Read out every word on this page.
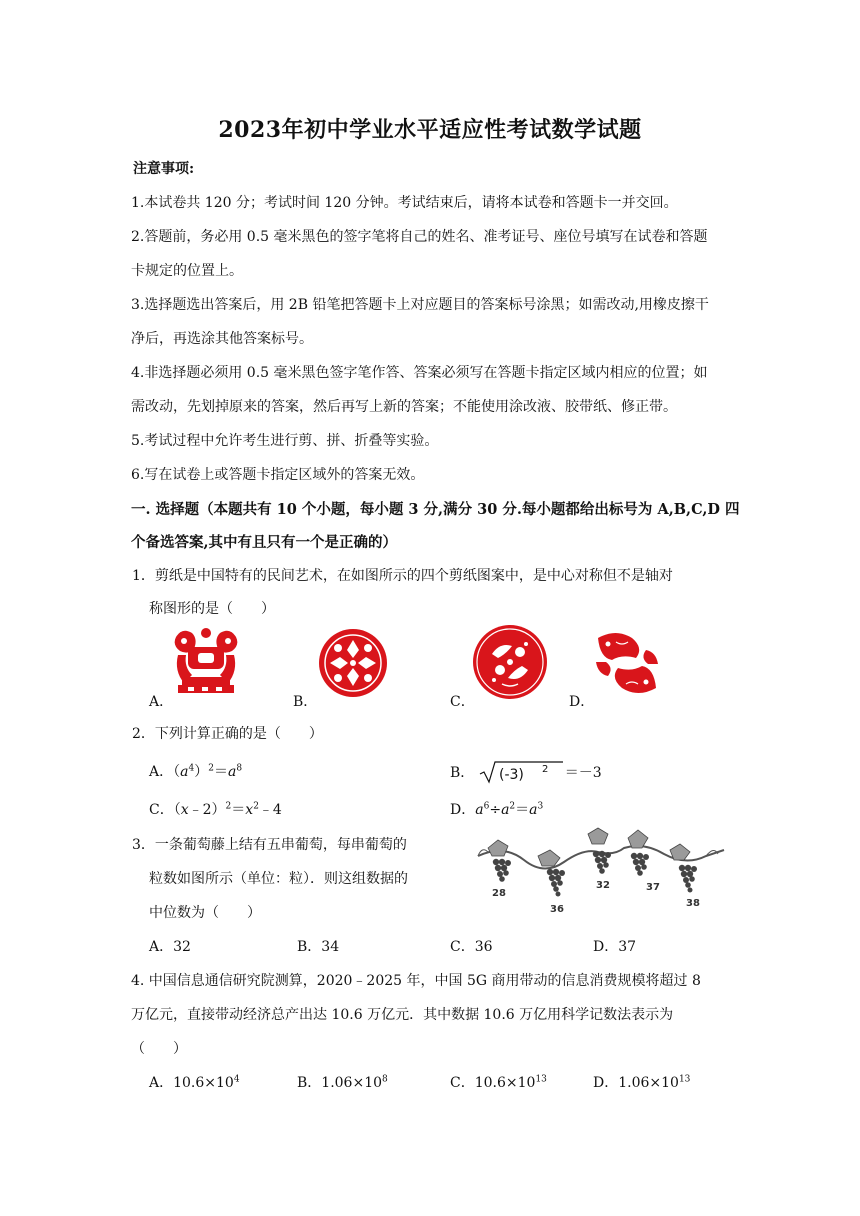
2023年初中学业水平适应性考试数学试题
注意事项:
1.本试卷共 120 分；考试时间 120 分钟。考试结束后，请将本试卷和答题卡一并交回。
2.答题前，务必用 0.5 毫米黑色的签字笔将自己的姓名、准考证号、座位号填写在试卷和答题
卡规定的位置上。
3.选择题选出答案后，用 2B 铅笔把答题卡上对应题目的答案标号涂黑；如需改动,用橡皮擦干
净后，再选涂其他答案标号。
4.非选择题必须用 0.5 毫米黑色签字笔作答、答案必须写在答题卡指定区域内相应的位置；如
需改动，先划掉原来的答案，然后再写上新的答案；不能使用涂改液、胶带纸、修正带。
5.考试过程中允许考生进行剪、拼、折叠等实验。
6.写在试卷上或答题卡指定区域外的答案无效。
一. 选择题（本题共有 10 个小题，每小题 3 分,满分 30 分.每小题都给出标号为 A,B,C,D 四
个备选答案,其中有且只有一个是正确的）
1．剪纸是中国特有的民间艺术，在如图所示的四个剪纸图案中，是中心对称但不是轴对
称图形的是（　　）
A．	B．	C．	D．
2．下列计算正确的是（　　）
A．$(a^4)^2=a^8$	B． (-3) 2 ＝－3
C．$(x﹣2)^2=x^2﹣4$	D．$a^6\div a^2=a^3$
3．一条葡萄藤上结有五串葡萄，每串葡萄的
粒数如图所示（单位：粒）．则这组数据的
中位数为（　　）
28
36
32	37
38
A．32	B．34	C．36	D．37
4. 中国信息通信研究院测算，2020﹣2025 年，中国 5G 商用带动的信息消费规模将超过 8
万亿元，直接带动经济总产出达 10.6 万亿元．其中数据 10.6 万亿用科学记数法表示为
（　　）
A．$10.6\times 10^4$	B．$1.06\times 10^8$	C．$10.6\times 10^{13}$	D．$1.06\times 10^{13}$
